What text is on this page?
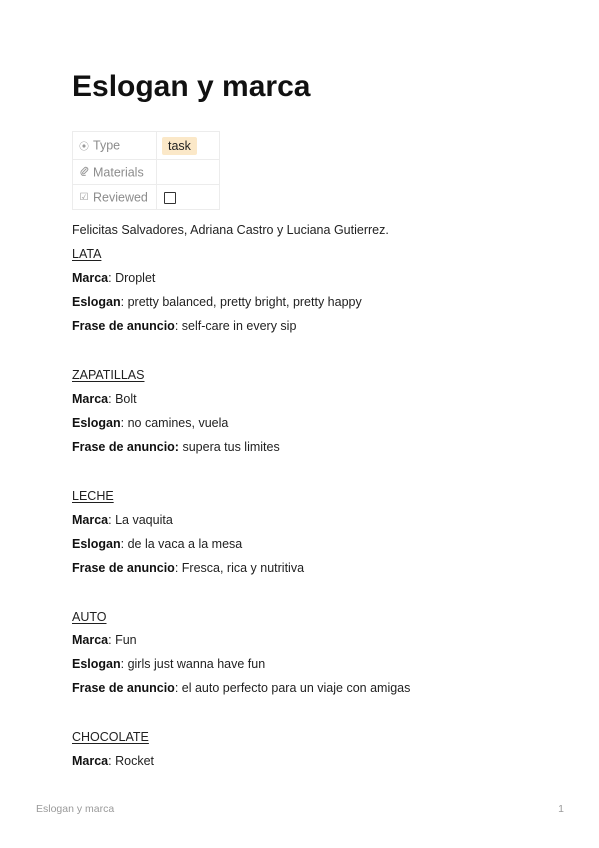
Eslogan y marca
⦿ Type	task
Materials	
☑ Reviewed	
Felicitas Salvadores, Adriana Castro y Luciana Gutierrez.
LATA
Marca: Droplet
Eslogan: pretty balanced, pretty bright, pretty happy
Frase de anuncio: self-care in every sip
ZAPATILLAS
Marca: Bolt
Eslogan: no camines, vuela
Frase de anuncio: supera tus limites
LECHE
Marca: La vaquita
Eslogan: de la vaca a la mesa
Frase de anuncio: Fresca, rica y nutritiva
AUTO
Marca: Fun
Eslogan: girls just wanna have fun
Frase de anuncio: el auto perfecto para un viaje con amigas
CHOCOLATE
Marca: Rocket
Eslogan y marca	1
